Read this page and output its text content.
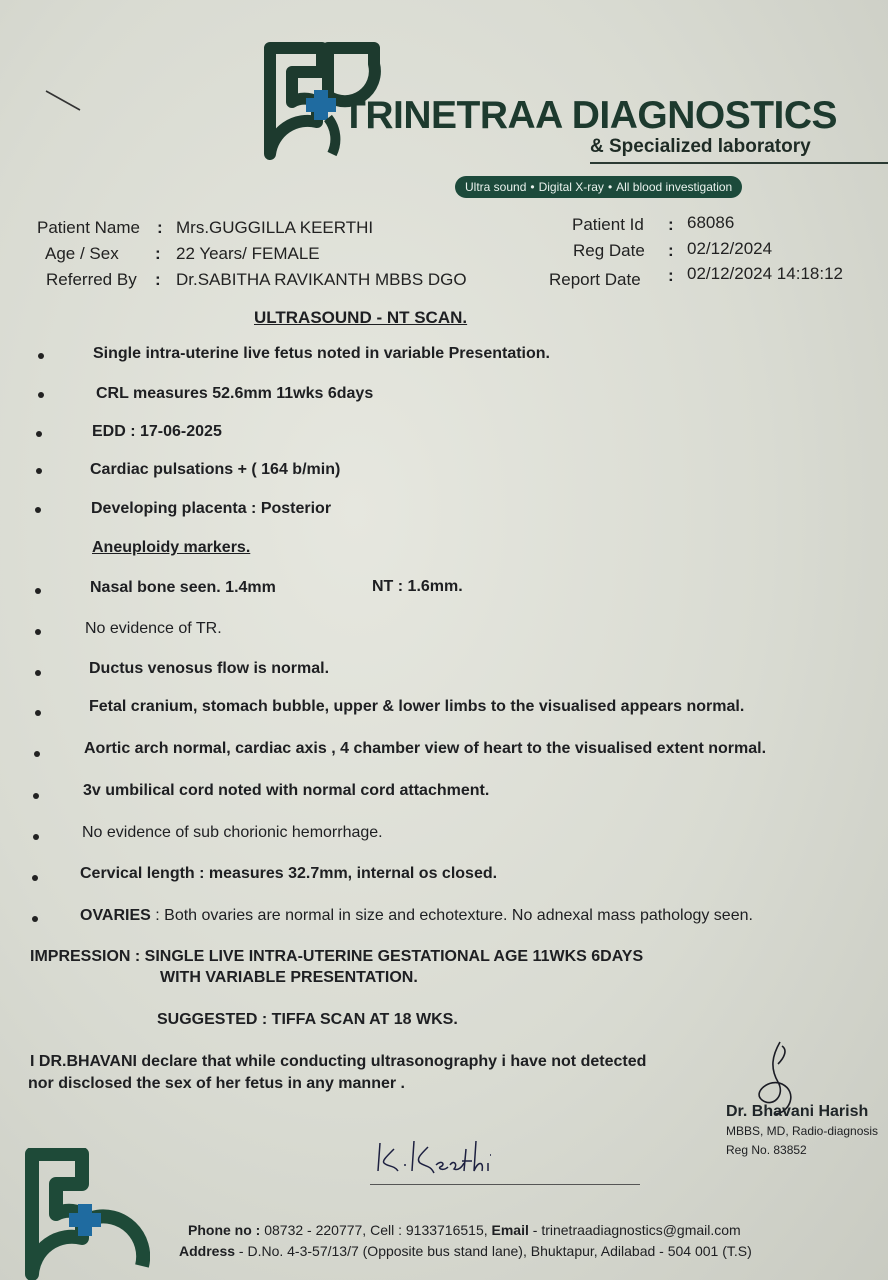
TRINETRAA DIAGNOSTICS
& Specialized laboratory
Ultra sound • Digital X-ray • All blood investigation
Patient Name : Mrs.GUGGILLA KEERTHI
Age / Sex : 22 Years/ FEMALE
Referred By : Dr.SABITHA RAVIKANTH MBBS DGO
Patient Id : 68086
Reg Date : 02/12/2024
Report Date : 02/12/2024 14:18:12
ULTRASOUND - NT SCAN.
Single intra-uterine live fetus noted in variable Presentation.
CRL measures 52.6mm 11wks 6days
EDD : 17-06-2025
Cardiac pulsations + ( 164 b/min)
Developing placenta : Posterior
Aneuploidy markers.
Nasal bone seen. 1.4mm	NT : 1.6mm.
No evidence of TR.
Ductus venosus flow is normal.
Fetal cranium, stomach bubble, upper & lower limbs to the visualised appears normal.
Aortic arch normal, cardiac axis , 4 chamber view of heart to the visualised extent normal.
3v umbilical cord noted with normal cord attachment.
No evidence of sub chorionic hemorrhage.
Cervical length : measures 32.7mm, internal os closed.
OVARIES : Both ovaries are normal in size and echotexture. No adnexal mass pathology seen.
IMPRESSION : SINGLE LIVE INTRA-UTERINE GESTATIONAL AGE 11WKS 6DAYS
WITH VARIABLE PRESENTATION.
SUGGESTED : TIFFA SCAN AT 18 WKS.
I DR.BHAVANI declare that while conducting ultrasonography i have not detected
nor disclosed the sex of her fetus in any manner .
Dr. Bhavani Harish
MBBS, MD, Radio-diagnosis
Reg No. 83852
Phone no : 08732 - 220777, Cell : 9133716515, Email - trinetraadiagnostics@gmail.com
Address - D.No. 4-3-57/13/7 (Opposite bus stand lane), Bhuktapur, Adilabad - 504 001 (T.S)
